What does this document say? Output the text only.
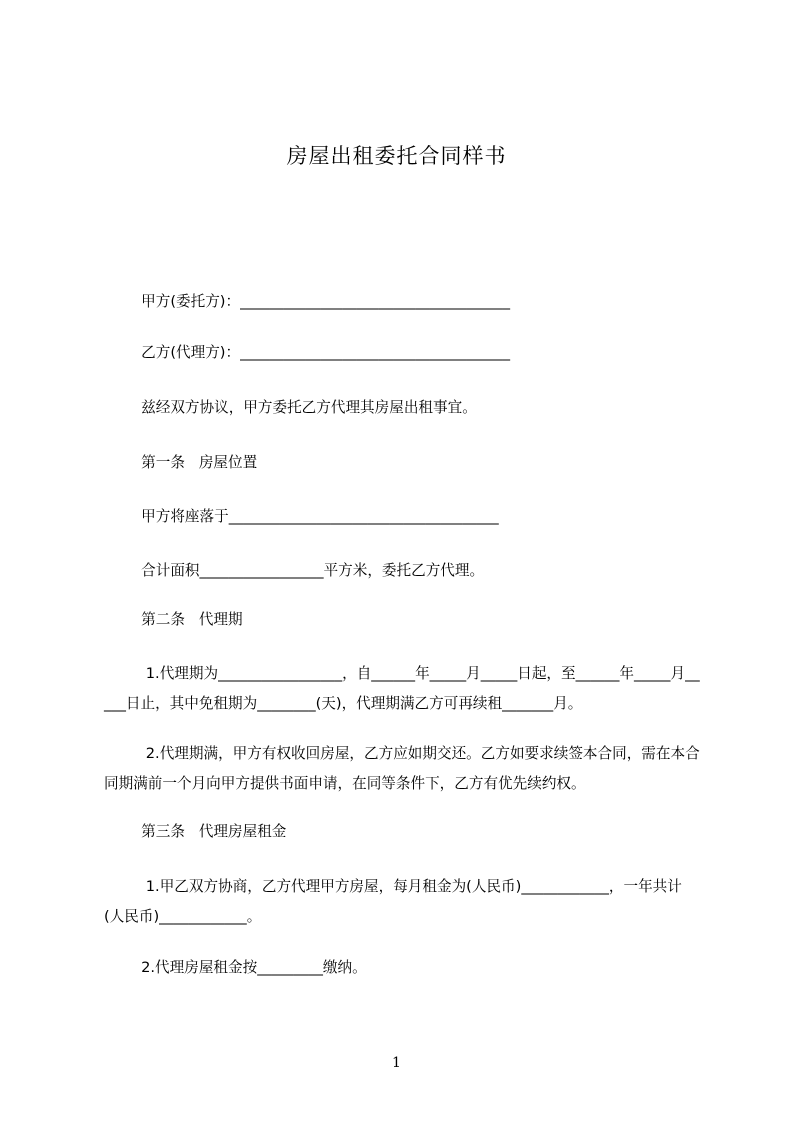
房屋出租委托合同样书

甲方(委托方)：_____________________________________

乙方(代理方)：_____________________________________

兹经双方协议，甲方委托乙方代理其房屋出租事宜。

第一条   房屋位置

甲方将座落于_____________________________________

合计面积_________________平方米，委托乙方代理。

第二条   代理期

1.代理期为_________________，自______年_____月_____日起，至______年_____月_____日止，其中免租期为________(天)，代理期满乙方可再续租_______月。

2.代理期满，甲方有权收回房屋，乙方应如期交还。乙方如要求续签本合同，需在本合同期满前一个月向甲方提供书面申请，在同等条件下，乙方有优先续约权。

第三条   代理房屋租金

1.甲乙双方协商，乙方代理甲方房屋，每月租金为(人民币)____________，一年共计(人民币)____________。

2.代理房屋租金按_________缴纳。

1
